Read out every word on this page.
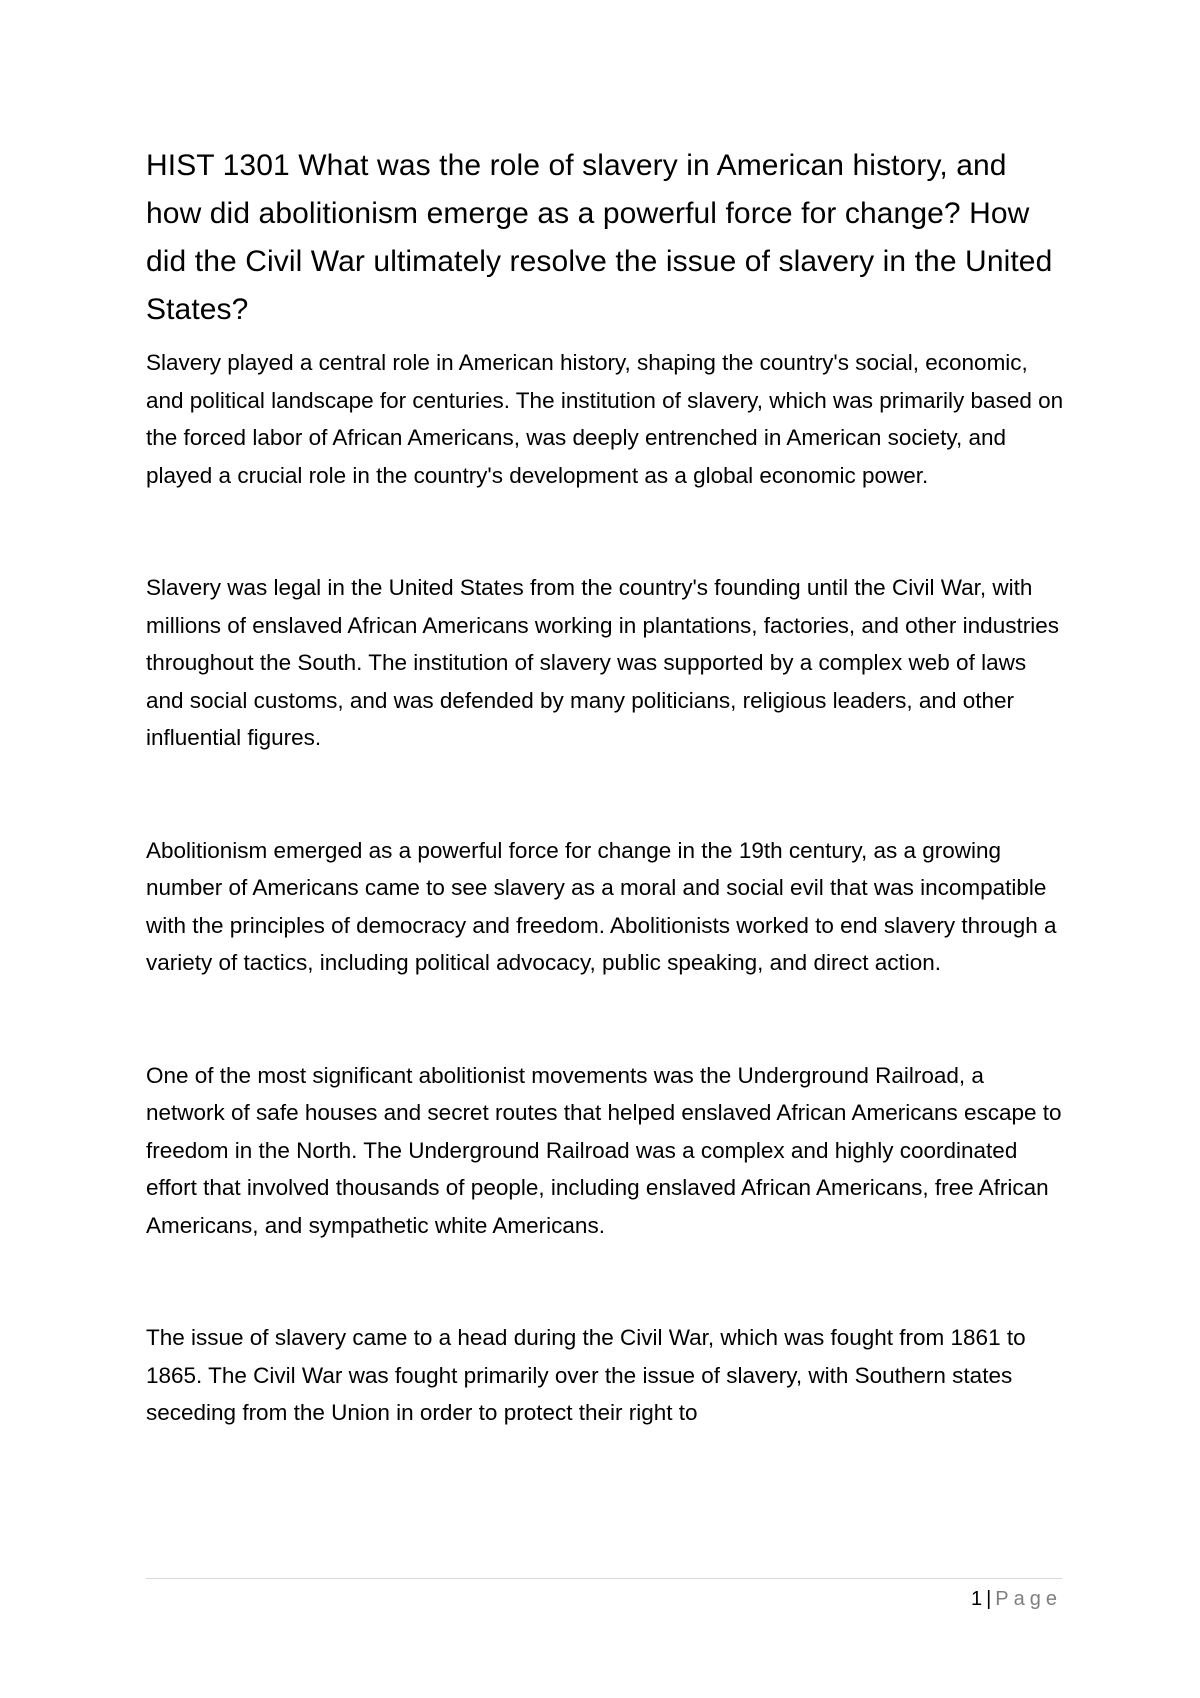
HIST 1301 What was the role of slavery in American history, and how did abolitionism emerge as a powerful force for change? How did the Civil War ultimately resolve the issue of slavery in the United States?

Slavery played a central role in American history, shaping the country's social, economic, and political landscape for centuries. The institution of slavery, which was primarily based on the forced labor of African Americans, was deeply entrenched in American society, and played a crucial role in the country's development as a global economic power.

Slavery was legal in the United States from the country's founding until the Civil War, with millions of enslaved African Americans working in plantations, factories, and other industries throughout the South. The institution of slavery was supported by a complex web of laws and social customs, and was defended by many politicians, religious leaders, and other influential figures.

Abolitionism emerged as a powerful force for change in the 19th century, as a growing number of Americans came to see slavery as a moral and social evil that was incompatible with the principles of democracy and freedom. Abolitionists worked to end slavery through a variety of tactics, including political advocacy, public speaking, and direct action.

One of the most significant abolitionist movements was the Underground Railroad, a network of safe houses and secret routes that helped enslaved African Americans escape to freedom in the North. The Underground Railroad was a complex and highly coordinated effort that involved thousands of people, including enslaved African Americans, free African Americans, and sympathetic white Americans.

The issue of slavery came to a head during the Civil War, which was fought from 1861 to 1865. The Civil War was fought primarily over the issue of slavery, with Southern states seceding from the Union in order to protect their right to

1 | Page
